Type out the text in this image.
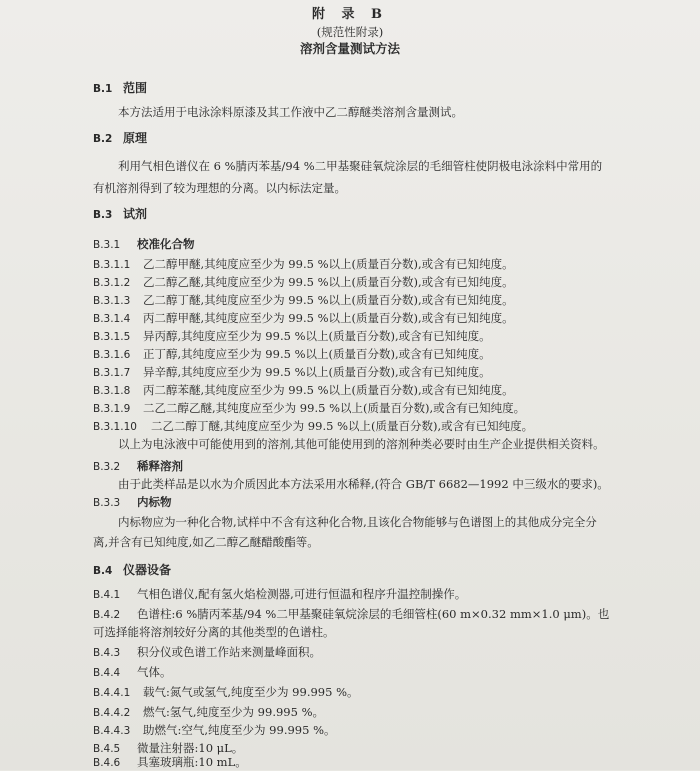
附 录 B
(规范性附录)
溶剂含量测试方法
B.1 范围
本方法适用于电泳涂料原漆及其工作液中乙二醇醚类溶剂含量测试。
B.2 原理
利用气相色谱仪在 6 %腈丙苯基/94 %二甲基聚硅氧烷涂层的毛细管柱使阴极电泳涂料中常用的
有机溶剂得到了较为理想的分离。以内标法定量。
B.3 试剂
B.3.1 校准化合物
B.3.1.1 乙二醇甲醚,其纯度应至少为 99.5 %以上(质量百分数),或含有已知纯度。
B.3.1.2 乙二醇乙醚,其纯度应至少为 99.5 %以上(质量百分数),或含有已知纯度。
B.3.1.3 乙二醇丁醚,其纯度应至少为 99.5 %以上(质量百分数),或含有已知纯度。
B.3.1.4 丙二醇甲醚,其纯度应至少为 99.5 %以上(质量百分数),或含有已知纯度。
B.3.1.5 异丙醇,其纯度应至少为 99.5 %以上(质量百分数),或含有已知纯度。
B.3.1.6 正丁醇,其纯度应至少为 99.5 %以上(质量百分数),或含有已知纯度。
B.3.1.7 异辛醇,其纯度应至少为 99.5 %以上(质量百分数),或含有已知纯度。
B.3.1.8 丙二醇苯醚,其纯度应至少为 99.5 %以上(质量百分数),或含有已知纯度。
B.3.1.9 二乙二醇乙醚,其纯度应至少为 99.5 %以上(质量百分数),或含有已知纯度。
B.3.1.10 二乙二醇丁醚,其纯度应至少为 99.5 %以上(质量百分数),或含有已知纯度。
以上为电泳液中可能使用到的溶剂,其他可能使用到的溶剂种类必要时由生产企业提供相关资料。
B.3.2 稀释溶剂
由于此类样品是以水为介质因此本方法采用水稀释,(符合 GB/T 6682—1992 中三级水的要求)。
B.3.3 内标物
内标物应为一种化合物,试样中不含有这种化合物,且该化合物能够与色谱图上的其他成分完全分
离,并含有已知纯度,如乙二醇乙醚醋酸酯等。
B.4 仪器设备
B.4.1 气相色谱仪,配有氢火焰检测器,可进行恒温和程序升温控制操作。
B.4.2 色谱柱:6 %腈丙苯基/94 %二甲基聚硅氧烷涂层的毛细管柱(60 m×0.32 mm×1.0 μm)。也
可选择能将溶剂较好分离的其他类型的色谱柱。
B.4.3 积分仪或色谱工作站来测量峰面积。
B.4.4 气体。
B.4.4.1 载气:氮气或氢气,纯度至少为 99.995 %。
B.4.4.2 燃气:氢气,纯度至少为 99.995 %。
B.4.4.3 助燃气:空气,纯度至少为 99.995 %。
B.4.5 微量注射器:10 μL。
B.4.6 具塞玻璃瓶:10 mL。
